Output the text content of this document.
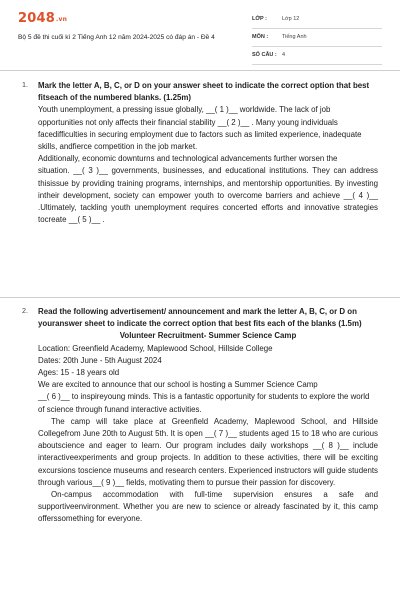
2048.vn
Bộ 5 đề thi cuối kì 2 Tiếng Anh 12 năm 2024-2025 có đáp án - Đề 4
LỚP :	Lớp 12
MÔN :	Tiếng Anh
SỐ CÂU : 4
1. Mark the letter A, B, C, or D on your answer sheet to indicate the correct option that best fitseach of the numbered blanks. (1.25m)

Youth unemployment, a pressing issue globally, __( 1 )__ worldwide. The lack of job

opportunities not only affects their financial stability __( 2 )__ . Many young individuals

facedifficulties in securing employment due to factors such as limited experience, inadequate skills, andfierce competition in the job market.

Additionally, economic downturns and technological advancements further worsen the

situation. __( 3 )__ governments, businesses, and educational institutions. They can address thisissue by providing training programs, internships, and mentorship opportunities. By investing intheir development, society can empower youth to overcome barriers and achieve __( 4 )__ .Ultimately, tackling youth unemployment requires concerted efforts and innovative strategies tocreate __( 5 )__ .

2. Read the following advertisement/ announcement and mark the letter A, B, C, or D on youranswer sheet to indicate the correct option that best fits each of the blanks (1.5m)

Volunteer Recruitment- Summer Science Camp

Location: Greenfield Academy, Maplewood School, Hillside College

Dates: 20th June - 5th August 2024

Ages: 15 - 18 years old

We are excited to announce that our school is hosting a Summer Science Camp

__( 6 )__ to inspireyoung minds. This is a fantastic opportunity for students to explore the world

of science through funand interactive activities.

The camp will take place at Greenfield Academy, Maplewood School, and Hillside Collegefrom June 20th to August 5th. It is open __( 7 )__ students aged 15 to 18 who are curious aboutscience and eager to learn. Our program includes daily workshops __( 8 )__ include interactiveexperiments and group projects. In addition to these activities, there will be exciting excursions toscience museums and research centers. Experienced instructors will guide students through various__( 9 )__ fields, motivating them to pursue their passion for discovery.

On-campus accommodation with full-time supervision ensures a safe and supportiveenvironment. Whether you are new to science or already fascinated by it, this camp offerssomething for everyone.
